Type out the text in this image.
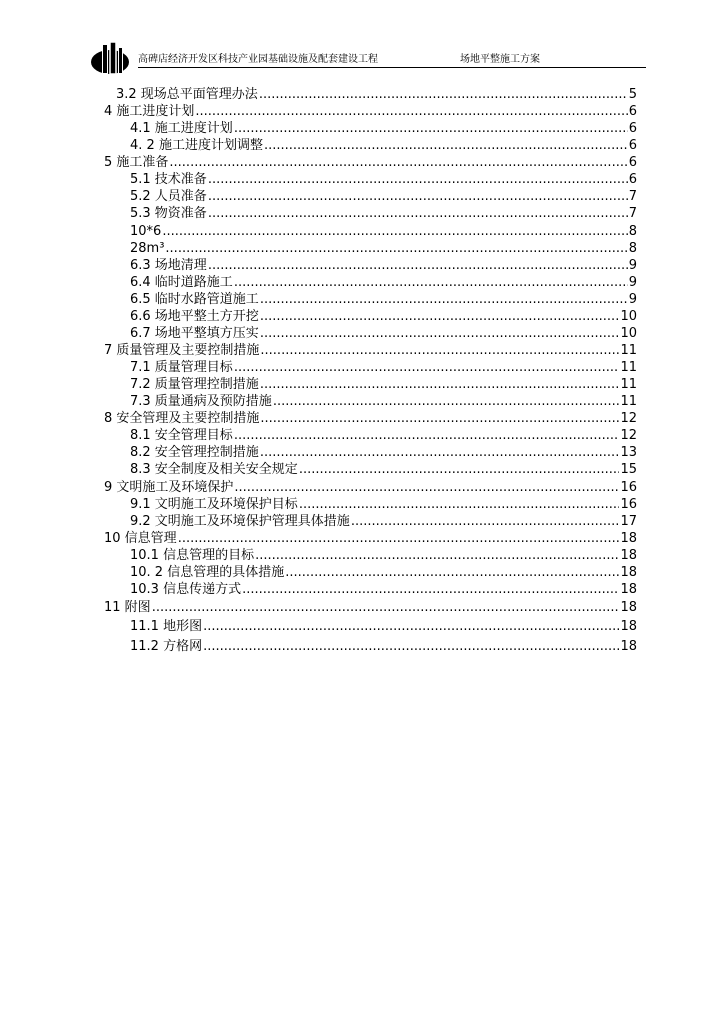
高碑店经济开发区科技产业园基础设施及配套建设工程	场地平整施工方案
3.2 现场总平面管理办法 .....	5
4 施工进度计划 .....	6
4.1 施工进度计划 .....	6
4. 2 施工进度计划调整 .....	6
5 施工准备 .....	6
5.1 技术准备 .....	6
5.2 人员准备 .....	7
5.3 物资准备 .....	7
10*6 .....	8
28m³ .....	8
6.3 场地清理 .....	9
6.4 临时道路施工 .....	9
6.5 临时水路管道施工 .....	9
6.6 场地平整土方开挖 .....	10
6.7 场地平整填方压实 .....	10
7 质量管理及主要控制措施 .....	11
7.1 质量管理目标 .....	11
7.2 质量管理控制措施 .....	11
7.3 质量通病及预防措施 .....	11
8 安全管理及主要控制措施 .....	12
8.1 安全管理目标 .....	12
8.2 安全管理控制措施 .....	13
8.3 安全制度及相关安全规定 .....	15
9 文明施工及环境保护 .....	16
9.1 文明施工及环境保护目标 .....	16
9.2 文明施工及环境保护管理具体措施 .....	17
10 信息管理 .....	18
10.1 信息管理的目标 .....	18
10. 2 信息管理的具体措施 .....	18
10.3 信息传递方式 .....	18
11 附图 .....	18
11.1 地形图 .....	18
11.2 方格网 .....	18
